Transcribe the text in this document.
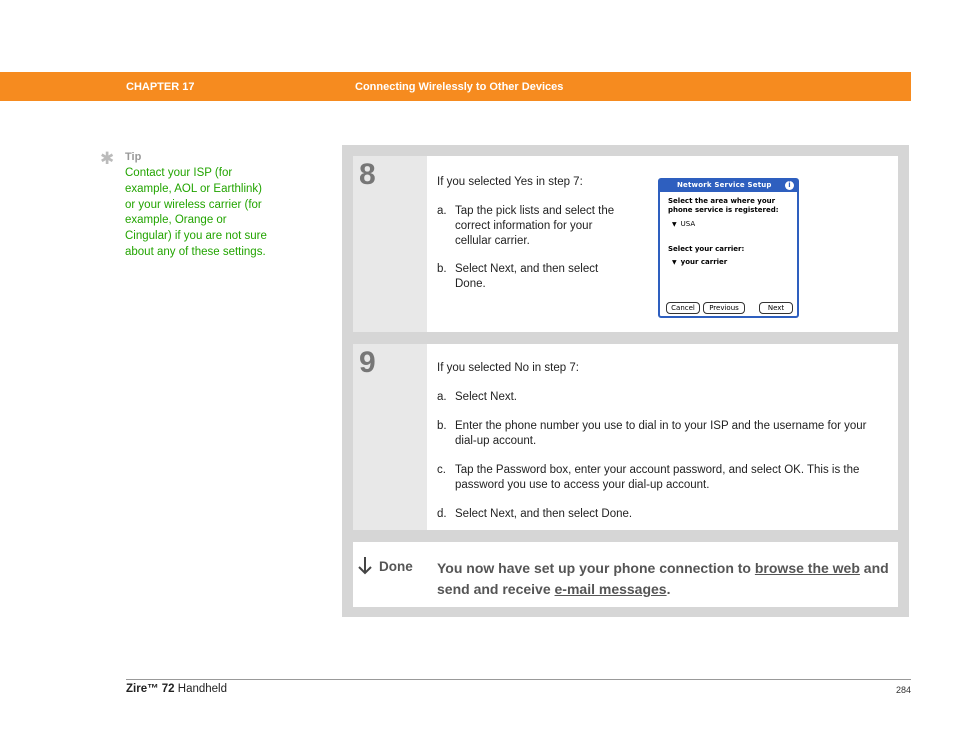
CHAPTER 17	Connecting Wirelessly to Other Devices
✱ Tip
Contact your ISP (for example, AOL or Earthlink) or your wireless carrier (for example, Orange or Cingular) if you are not sure about any of these settings.
8	If you selected Yes in step 7:

a. Tap the pick lists and select the correct information for your cellular carrier.
b. Select Next, and then select Done.
Network Service Setup	i
Select the area where your phone service is registered:
▼ USA
Select your carrier:
▼ your carrier
Cancel	Previous	Next
9	If you selected No in step 7:

a. Select Next.
b. Enter the phone number you use to dial in to your ISP and the username for your dial-up account.
c. Tap the Password box, enter your account password, and select OK. This is the password you use to access your dial-up account.
d. Select Next, and then select Done.
Done You now have set up your phone connection to browse the web and send and receive e-mail messages.
Zire™ 72 Handheld	284
